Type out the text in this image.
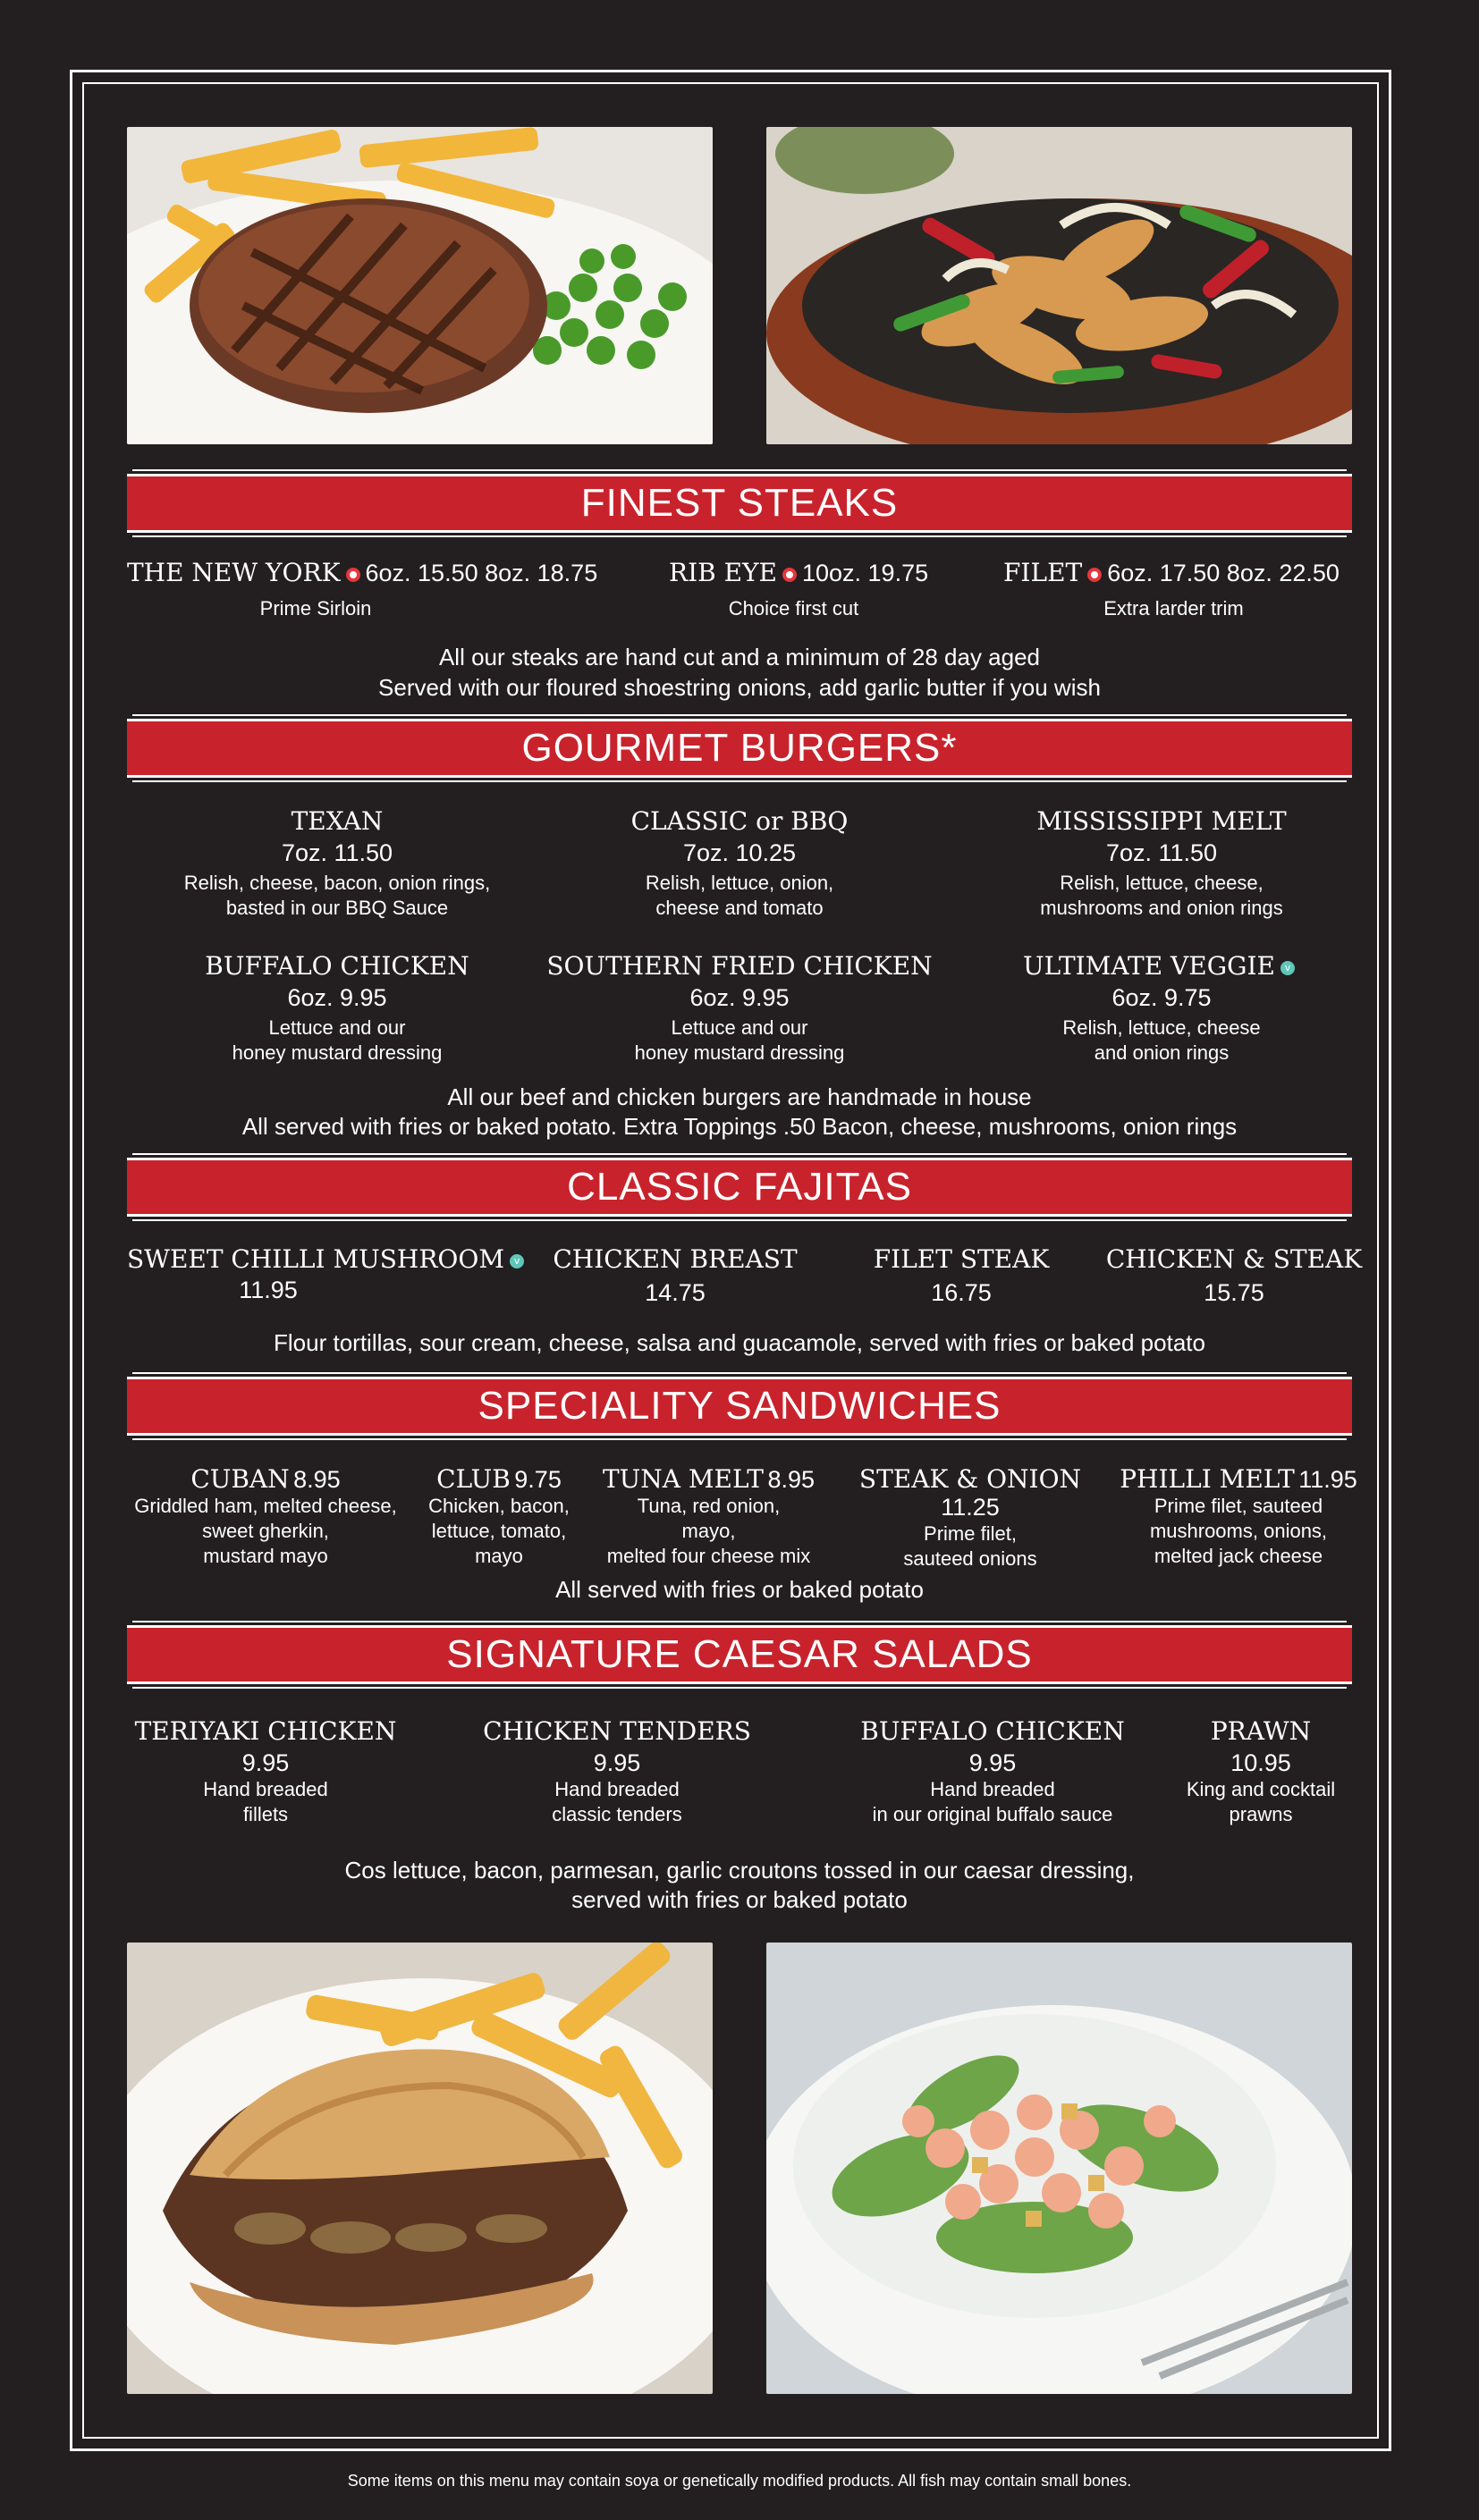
FINEST STEAKS
THE NEW YORK 6oz. 15.50 8oz. 18.75
Prime Sirloin
RIB EYE 10oz. 19.75
Choice first cut
FILET 6oz. 17.50 8oz. 22.50
Extra larder trim
All our steaks are hand cut and a minimum of 28 day aged
Served with our floured shoestring onions, add garlic butter if you wish
GOURMET BURGERS*
TEXAN
7oz. 11.50
Relish, cheese, bacon, onion rings,
basted in our BBQ Sauce
CLASSIC or BBQ
7oz. 10.25
Relish, lettuce, onion,
cheese and tomato
MISSISSIPPI MELT
7oz. 11.50
Relish, lettuce, cheese,
mushrooms and onion rings
BUFFALO CHICKEN
6oz. 9.95
Lettuce and our
honey mustard dressing
SOUTHERN FRIED CHICKEN
6oz. 9.95
Lettuce and our
honey mustard dressing
ULTIMATE VEGGIE v
6oz. 9.75
Relish, lettuce, cheese
and onion rings
All our beef and chicken burgers are handmade in house
All served with fries or baked potato. Extra Toppings .50 Bacon, cheese, mushrooms, onion rings
CLASSIC FAJITAS
SWEET CHILLI MUSHROOM v
11.95
CHICKEN BREAST
14.75
FILET STEAK
16.75
CHICKEN & STEAK
15.75
Flour tortillas, sour cream, cheese, salsa and guacamole, served with fries or baked potato
SPECIALITY SANDWICHES
CUBAN 8.95
Griddled ham, melted cheese,
sweet gherkin,
mustard mayo
CLUB 9.75
Chicken, bacon,
lettuce, tomato,
mayo
TUNA MELT 8.95
Tuna, red onion,
mayo,
melted four cheese mix
STEAK & ONION 11.25
Prime filet,
sauteed onions
PHILLI MELT 11.95
Prime filet, sauteed
mushrooms, onions,
melted jack cheese
All served with fries or baked potato
SIGNATURE CAESAR SALADS
TERIYAKI CHICKEN
9.95
Hand breaded
fillets
CHICKEN TENDERS
9.95
Hand breaded
classic tenders
BUFFALO CHICKEN
9.95
Hand breaded
in our original buffalo sauce
PRAWN
10.95
King and cocktail
prawns
Cos lettuce, bacon, parmesan, garlic croutons tossed in our caesar dressing,
served with fries or baked potato
Some items on this menu may contain soya or genetically modified products. All fish may contain small bones.
